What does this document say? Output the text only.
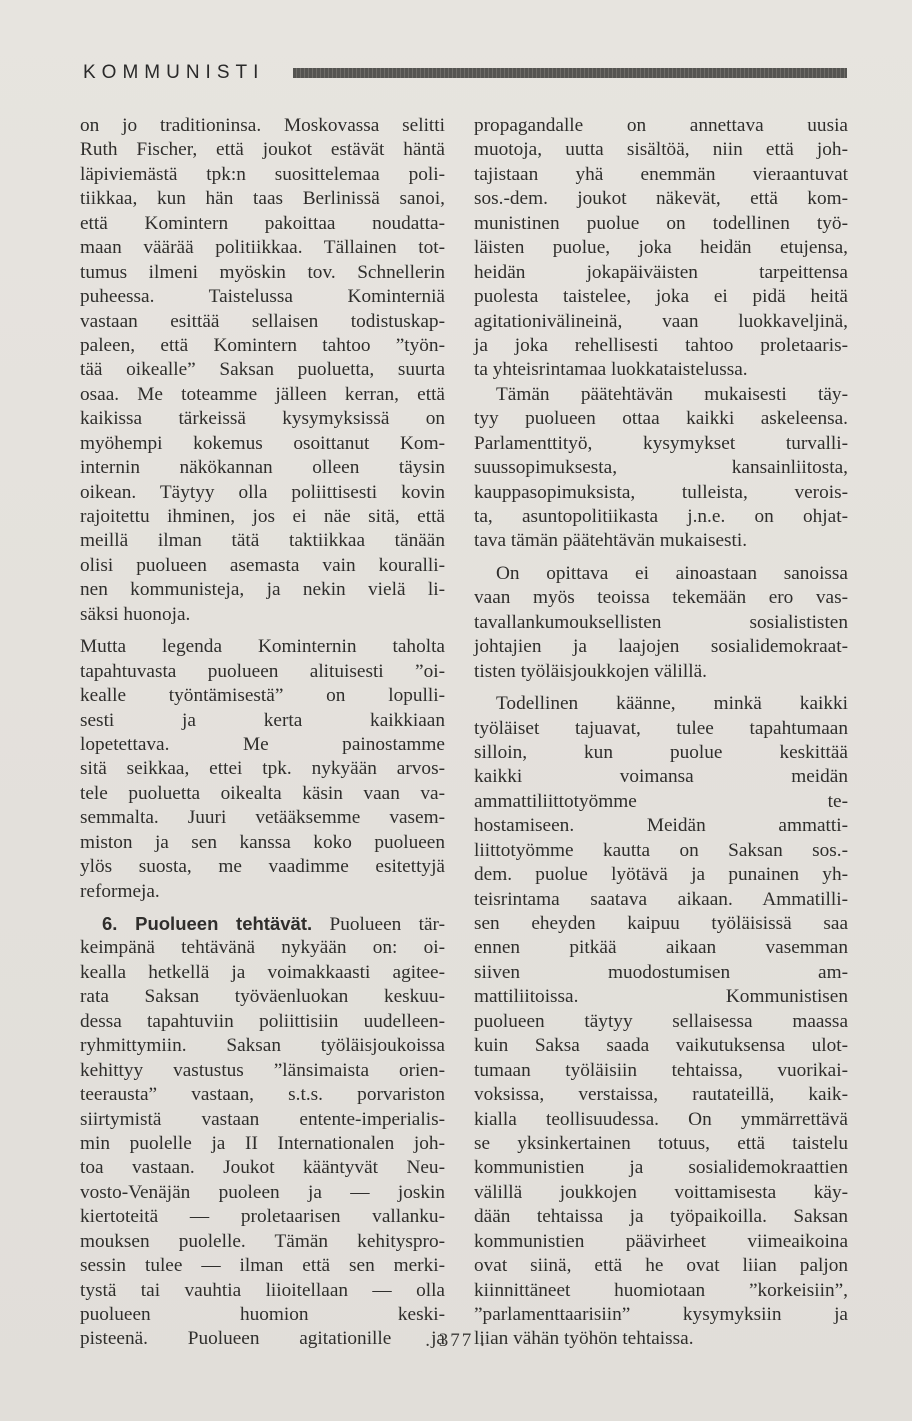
KOMMUNISTI
on jo traditioninsa. Moskovassa selitti
Ruth Fischer, että joukot estävät häntä
läpiviemästä tpk:n suosittelemaa poli-
tiikkaa, kun hän taas Berlinissä sanoi,
että Komintern pakoittaa noudatta-
maan väärää politiikkaa. Tällainen tot-
tumus ilmeni myöskin tov. Schnellerin
puheessa. Taistelussa Kominterniä
vastaan esittää sellaisen todistuskap-
paleen, että Komintern tahtoo ”työn-
tää oikealle” Saksan puoluetta, suurta
osaa. Me toteamme jälleen kerran, että
kaikissa tärkeissä kysymyksissä on
myöhempi kokemus osoittanut Kom-
internin näkökannan olleen täysin
oikean. Täytyy olla poliittisesti kovin
rajoitettu ihminen, jos ei näe sitä, että
meillä ilman tätä taktiikkaa tänään
olisi puolueen asemasta vain kouralli-
nen kommunisteja, ja nekin vielä li-
säksi huonoja.
Mutta legenda Kominternin taholta
tapahtuvasta puolueen alituisesti ”oi-
kealle työntämisestä” on lopulli-
sesti ja kerta kaikkiaan
lopetettava. Me painostamme
sitä seikkaa, ettei tpk. nykyään arvos-
tele puoluetta oikealta käsin vaan va-
semmalta. Juuri vetääksemme vasem-
miston ja sen kanssa koko puolueen
ylös suosta, me vaadimme esitettyjä
reformeja.
6. Puolueen tehtävät. Puolueen tär-
keimpänä tehtävänä nykyään on: oi-
kealla hetkellä ja voimakkaasti agitee-
rata Saksan työväenluokan keskuu-
dessa tapahtuviin poliittisiin uudelleen-
ryhmittymiin. Saksan työläisjoukoissa
kehittyy vastustus ”länsimaista orien-
teerausta” vastaan, s.t.s. porvariston
siirtymistä vastaan entente-imperialis-
min puolelle ja II Internationalen joh-
toa vastaan. Joukot kääntyvät Neu-
vosto-Venäjän puoleen ja — joskin
kiertoteitä — proletaarisen vallanku-
mouksen puolelle. Tämän kehityspro-
sessin tulee — ilman että sen merki-
tystä tai vauhtia liioitellaan — olla
puolueen huomion keski-
pisteenä. Puolueen agitationille ja
propagandalle on annettava uusia
muotoja, uutta sisältöä, niin että joh-
tajistaan yhä enemmän vieraantuvat
sos.-dem. joukot näkevät, että kom-
munistinen puolue on todellinen työ-
läisten puolue, joka heidän etujensa,
heidän jokapäiväisten tarpeittensa
puolesta taistelee, joka ei pidä heitä
agitationivälineinä, vaan luokkaveljinä,
ja joka rehellisesti tahtoo proletaaris-
ta yhteisrintamaa luokkataistelussa.
Tämän päätehtävän mukaisesti täy-
tyy puolueen ottaa kaikki askeleensa.
Parlamenttityö, kysymykset turvalli-
suussopimuksesta, kansainliitosta,
kauppasopimuksista, tulleista, verois-
ta, asuntopolitiikasta j.n.e. on ohjat-
tava tämän päätehtävän mukaisesti.
On opittava ei ainoastaan sanoissa
vaan myös teoissa tekemään ero vas-
tavallankumouksellisten sosialististen
johtajien ja laajojen sosialidemokraat-
tisten työläisjoukkojen välillä.
Todellinen käänne, minkä kaikki
työläiset tajuavat, tulee tapahtumaan
silloin, kun puolue keskittää
kaikki voimansa meidän
ammattiliittotyömme te-
hostamiseen. Meidän ammatti-
liittotyömme kautta on Saksan sos.-
dem. puolue lyötävä ja punainen yh-
teisrintama saatava aikaan. Ammatilli-
sen eheyden kaipuu työläisissä saa
ennen pitkää aikaan vasemman
siiven muodostumisen am-
mattiliitoissa. Kommunistisen
puolueen täytyy sellaisessa maassa
kuin Saksa saada vaikutuksensa ulot-
tumaan työläisiin tehtaissa, vuorikai-
voksissa, verstaissa, rautateillä, kaik-
kialla teollisuudessa. On ymmärrettävä
se yksinkertainen totuus, että taistelu
kommunistien ja sosialidemokraattien
välillä joukkojen voittamisesta käy-
dään tehtaissa ja työpaikoilla. Saksan
kommunistien päävirheet viimeaikoina
ovat siinä, että he ovat liian paljon
kiinnittäneet huomiotaan ”korkeisiin”,
”parlamenttaarisiin” kysymyksiin ja
liian vähän työhön tehtaissa.
. 377 .
